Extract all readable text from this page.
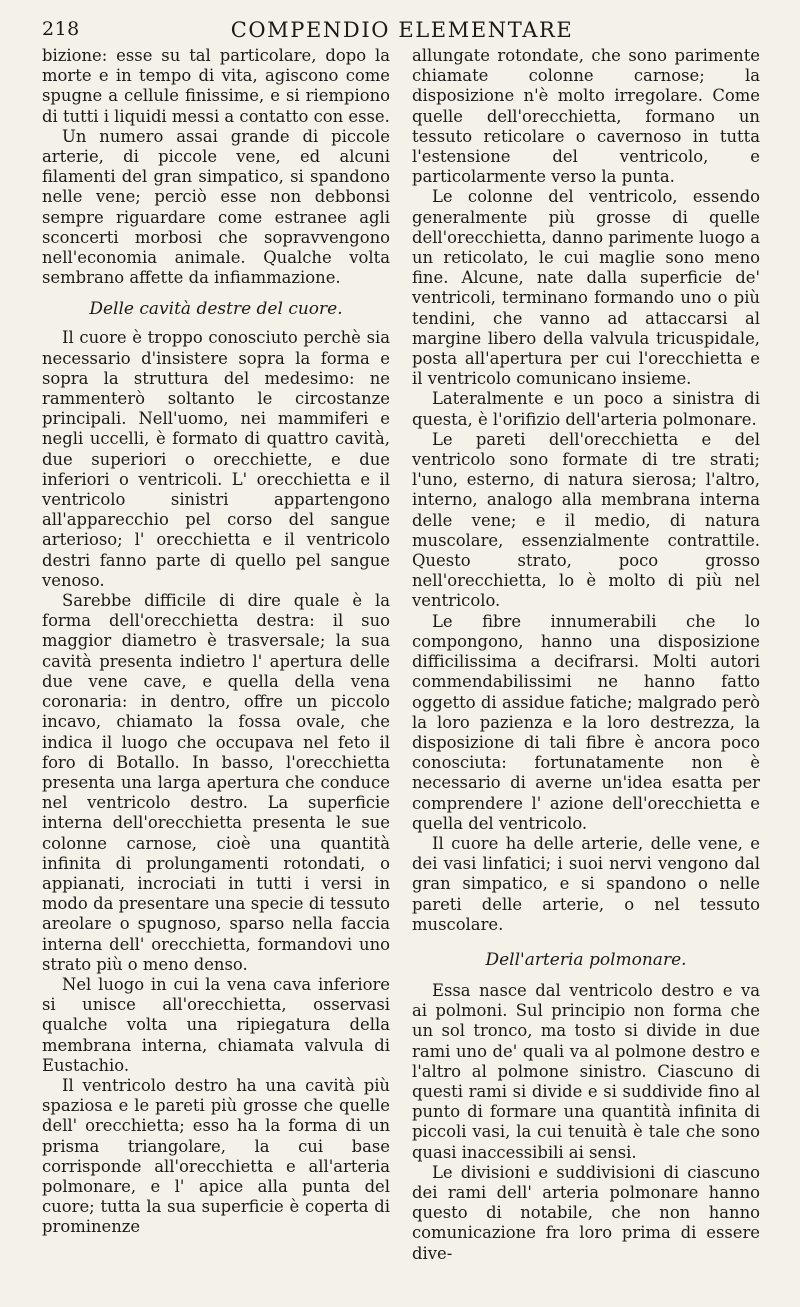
218	COMPENDIO ELEMENTARE

bizione: esse su tal particolare, dopo la morte e in tempo di vita, agiscono come spugne a cellule finissime, e si riempiono di tutti i liquidi messi a contatto con esse.

Un numero assai grande di piccole arterie, di piccole vene, ed alcuni filamenti del gran simpatico, si spandono nelle vene; perciò esse non debbonsi sempre riguardare come estranee agli sconcerti morbosi che sopravvengono nell'economia animale. Qualche volta sembrano affette da infiammazione.

Delle cavità destre del cuore.

Il cuore è troppo conosciuto perchè sia necessario d'insistere sopra la forma e sopra la struttura del medesimo: ne rammenterò soltanto le circostanze principali. Nell'uomo, nei mammiferi e negli uccelli, è formato di quattro cavità, due superiori o orecchiette, e due inferiori o ventricoli. L' orecchietta e il ventricolo sinistri appartengono all'apparecchio pel corso del sangue arterioso; l' orecchietta e il ventricolo destri fanno parte di quello pel sangue venoso.

Sarebbe difficile di dire quale è la forma dell'orecchietta destra: il suo maggior diametro è trasversale; la sua cavità presenta indietro l' apertura delle due vene cave, e quella della vena coronaria: in dentro, offre un piccolo incavo, chiamato la fossa ovale, che indica il luogo che occupava nel feto il foro di Botallo. In basso, l'orecchietta presenta una larga apertura che conduce nel ventricolo destro. La superficie interna dell'orecchietta presenta le sue colonne carnose, cioè una quantità infinita di prolungamenti rotondati, o appianati, incrociati in tutti i versi in modo da presentare una specie di tessuto areolare o spugnoso, sparso nella faccia interna dell' orecchietta, formandovi uno strato più o meno denso.

Nel luogo in cui la vena cava inferiore si unisce all'orecchietta, osservasi qualche volta una ripiegatura della membrana interna, chiamata valvula di Eustachio.

Il ventricolo destro ha una cavità più spaziosa e le pareti più grosse che quelle dell' orecchietta; esso ha la forma di un prisma triangolare, la cui base corrisponde all'orecchietta e all'arteria polmonare, e l' apice alla punta del cuore; tutta la sua superficie è coperta di prominenze

allungate rotondate, che sono parimente chiamate colonne carnose; la disposizione n'è molto irregolare. Come quelle dell'orecchietta, formano un tessuto reticolare o cavernoso in tutta l'estensione del ventricolo, e particolarmente verso la punta.

Le colonne del ventricolo, essendo generalmente più grosse di quelle dell'orecchietta, danno parimente luogo a un reticolato, le cui maglie sono meno fine. Alcune, nate dalla superficie de' ventricoli, terminano formando uno o più tendini, che vanno ad attaccarsi al margine libero della valvula tricuspidale, posta all'apertura per cui l'orecchietta e il ventricolo comunicano insieme.

Lateralmente e un poco a sinistra di questa, è l'orifizio dell'arteria polmonare.

Le pareti dell'orecchietta e del ventricolo sono formate di tre strati; l'uno, esterno, di natura sierosa; l'altro, interno, analogo alla membrana interna delle vene; e il medio, di natura muscolare, essenzialmente contrattile. Questo strato, poco grosso nell'orecchietta, lo è molto di più nel ventricolo.

Le fibre innumerabili che lo compongono, hanno una disposizione difficilissima a decifrarsi. Molti autori commendabilissimi ne hanno fatto oggetto di assidue fatiche; malgrado però la loro pazienza e la loro destrezza, la disposizione di tali fibre è ancora poco conosciuta: fortunatamente non è necessario di averne un'idea esatta per comprendere l' azione dell'orecchietta e quella del ventricolo.

Il cuore ha delle arterie, delle vene, e dei vasi linfatici; i suoi nervi vengono dal gran simpatico, e si spandono o nelle pareti delle arterie, o nel tessuto muscolare.

Dell'arteria polmonare.

Essa nasce dal ventricolo destro e va ai polmoni. Sul principio non forma che un sol tronco, ma tosto si divide in due rami uno de' quali va al polmone destro e l'altro al polmone sinistro. Ciascuno di questi rami si divide e si suddivide fino al punto di formare una quantità infinita di piccoli vasi, la cui tenuità è tale che sono quasi inaccessibili ai sensi.

Le divisioni e suddivisioni di ciascuno dei rami dell' arteria polmonare hanno questo di notabile, che non hanno comunicazione fra loro prima di essere dive-
